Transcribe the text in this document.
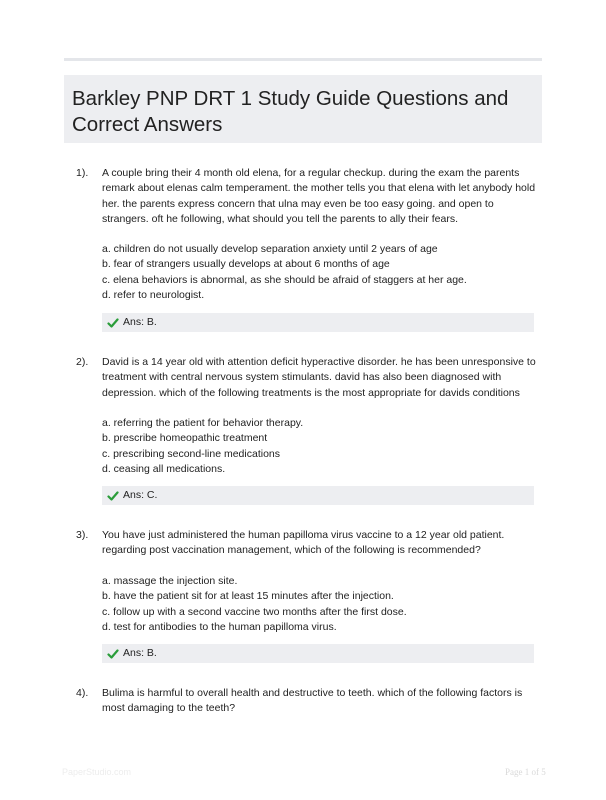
Barkley PNP DRT 1 Study Guide Questions and Correct Answers
1). A couple bring their 4 month old elena, for a regular checkup. during the exam the parents remark about elenas calm temperament. the mother tells you that elena with let anybody hold her. the parents express concern that ulna may even be too easy going. and open to strangers. oft he following, what should you tell the parents to ally their fears.
a. children do not usually develop separation anxiety until 2 years of age
b. fear of strangers usually develops at about 6 months of age
c. elena behaviors is abnormal, as she should be afraid of staggers at her age.
d. refer to neurologist.
Ans: B.
2). David is a 14 year old with attention deficit hyperactive disorder. he has been unresponsive to treatment with central nervous system stimulants. david has also been diagnosed with depression. which of the following treatments is the most appropriate for davids conditions
a. referring the patient for behavior therapy.
b. prescribe homeopathic treatment
c. prescribing second-line medications
d. ceasing all medications.
Ans: C.
3). You have just administered the human papilloma virus vaccine to a 12 year old patient. regarding post vaccination management, which of the following is recommended?
a. massage the injection site.
b. have the patient sit for at least 15 minutes after the injection.
c. follow up with a second vaccine two months after the first dose.
d. test for antibodies to the human papilloma virus.
Ans: B.
4). Bulima is harmful to overall health and destructive to teeth. which of the following factors is most damaging to the teeth?
PaperStudio.com	Page 1 of 5
